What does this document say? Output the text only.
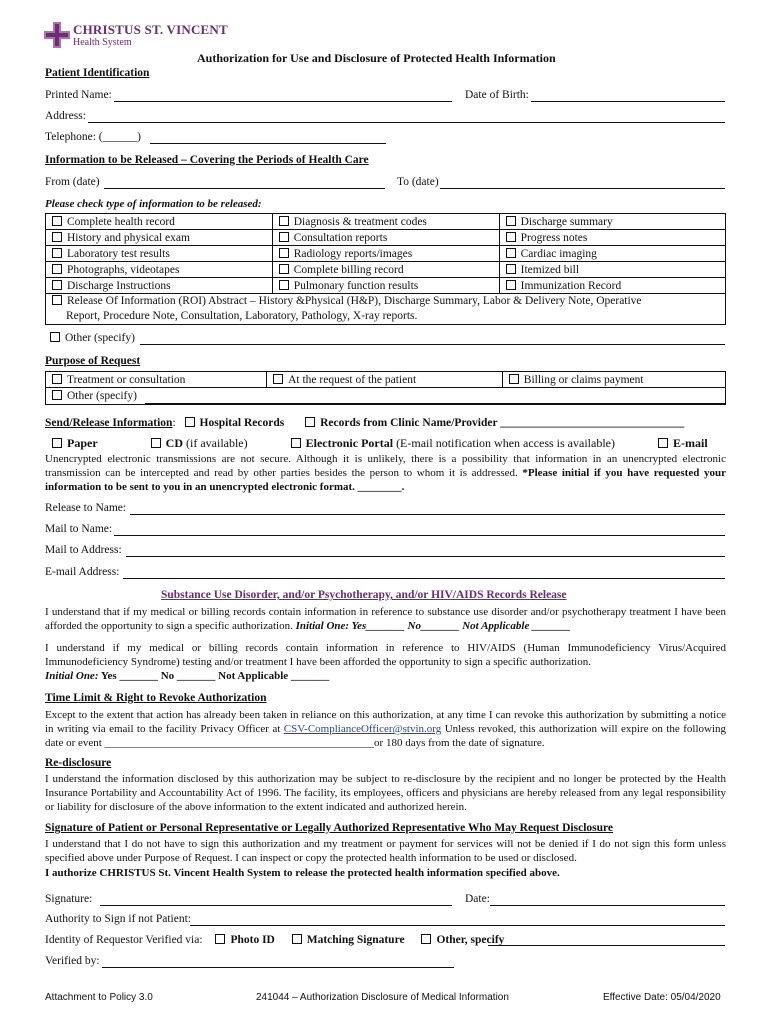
CHRISTUS ST. VINCENT
Health System
Authorization for Use and Disclosure of Protected Health Information
Patient Identification
Printed Name:	Date of Birth:
Address:
Telephone: (______)
Information to be Released – Covering the Periods of Health Care
From (date)	To (date)
Please check type of information to be released:
Complete health record	Diagnosis & treatment codes	Discharge summary
History and physical exam	Consultation reports	Progress notes
Laboratory test results	Radiology reports/images	Cardiac imaging
Photographs, videotapes	Complete billing record	Itemized bill
Discharge Instructions	Pulmonary function results	Immunization Record
Release Of Information (ROI) Abstract – History &Physical (H&P), Discharge Summary, Labor & Delivery Note, Operative
Report, Procedure Note, Consultation, Laboratory, Pathology, X-ray reports.		
Other (specify)
Purpose of Request
Treatment or consultation	At the request of the patient	Billing or claims payment
Other (specify)
Send/Release Information: Hospital Records	Records from Clinic Name/Provider ________________________________
Paper	CD (if available)	Electronic Portal (E-mail notification when access is available)	E-mail
Unencrypted electronic transmissions are not secure. Although it is unlikely, there is a possibility that information in an unencrypted electronic transmission can be intercepted and read by other parties besides the person to whom it is addressed. *Please initial if you have requested your information to be sent to you in an unencrypted electronic format. ________.
Release to Name:
Mail to Name:
Mail to Address:
E-mail Address:
Substance Use Disorder, and/or Psychotherapy, and/or HIV/AIDS Records Release
I understand that if my medical or billing records contain information in reference to substance use disorder and/or psychotherapy treatment I have been afforded the opportunity to sign a specific authorization. Initial One: Yes_______ No_______ Not Applicable _______
I understand if my medical or billing records contain information in reference to HIV/AIDS (Human Immunodeficiency Virus/Acquired Immunodeficiency Syndrome) testing and/or treatment I have been afforded the opportunity to sign a specific authorization.
Initial One: Yes _______ No _______ Not Applicable _______
Time Limit & Right to Revoke Authorization
Except to the extent that action has already been taken in reliance on this authorization, at any time I can revoke this authorization by submitting a notice in writing via email to the facility Privacy Officer at CSV-ComplianceOfficer@stvin.org Unless revoked, this authorization will expire on the following date or event _________________________________________________or 180 days from the date of signature.
Re-disclosure
I understand the information disclosed by this authorization may be subject to re-disclosure by the recipient and no longer be protected by the Health Insurance Portability and Accountability Act of 1996. The facility, its employees, officers and physicians are hereby released from any legal responsibility or liability for disclosure of the above information to the extent indicated and authorized herein.
Signature of Patient or Personal Representative or Legally Authorized Representative Who May Request Disclosure
I understand that I do not have to sign this authorization and my treatment or payment for services will not be denied if I do not sign this form unless specified above under Purpose of Request. I can inspect or copy the protected health information to be used or disclosed.
I authorize CHRISTUS St. Vincent Health System to release the protected health information specified above.
Signature:	Date:
Authority to Sign if not Patient:
Identity of Requestor Verified via: Photo ID	Matching Signature	Other, specify
Verified by:
Attachment to Policy 3.0	241044 – Authorization Disclosure of Medical Information	Effective Date: 05/04/2020
